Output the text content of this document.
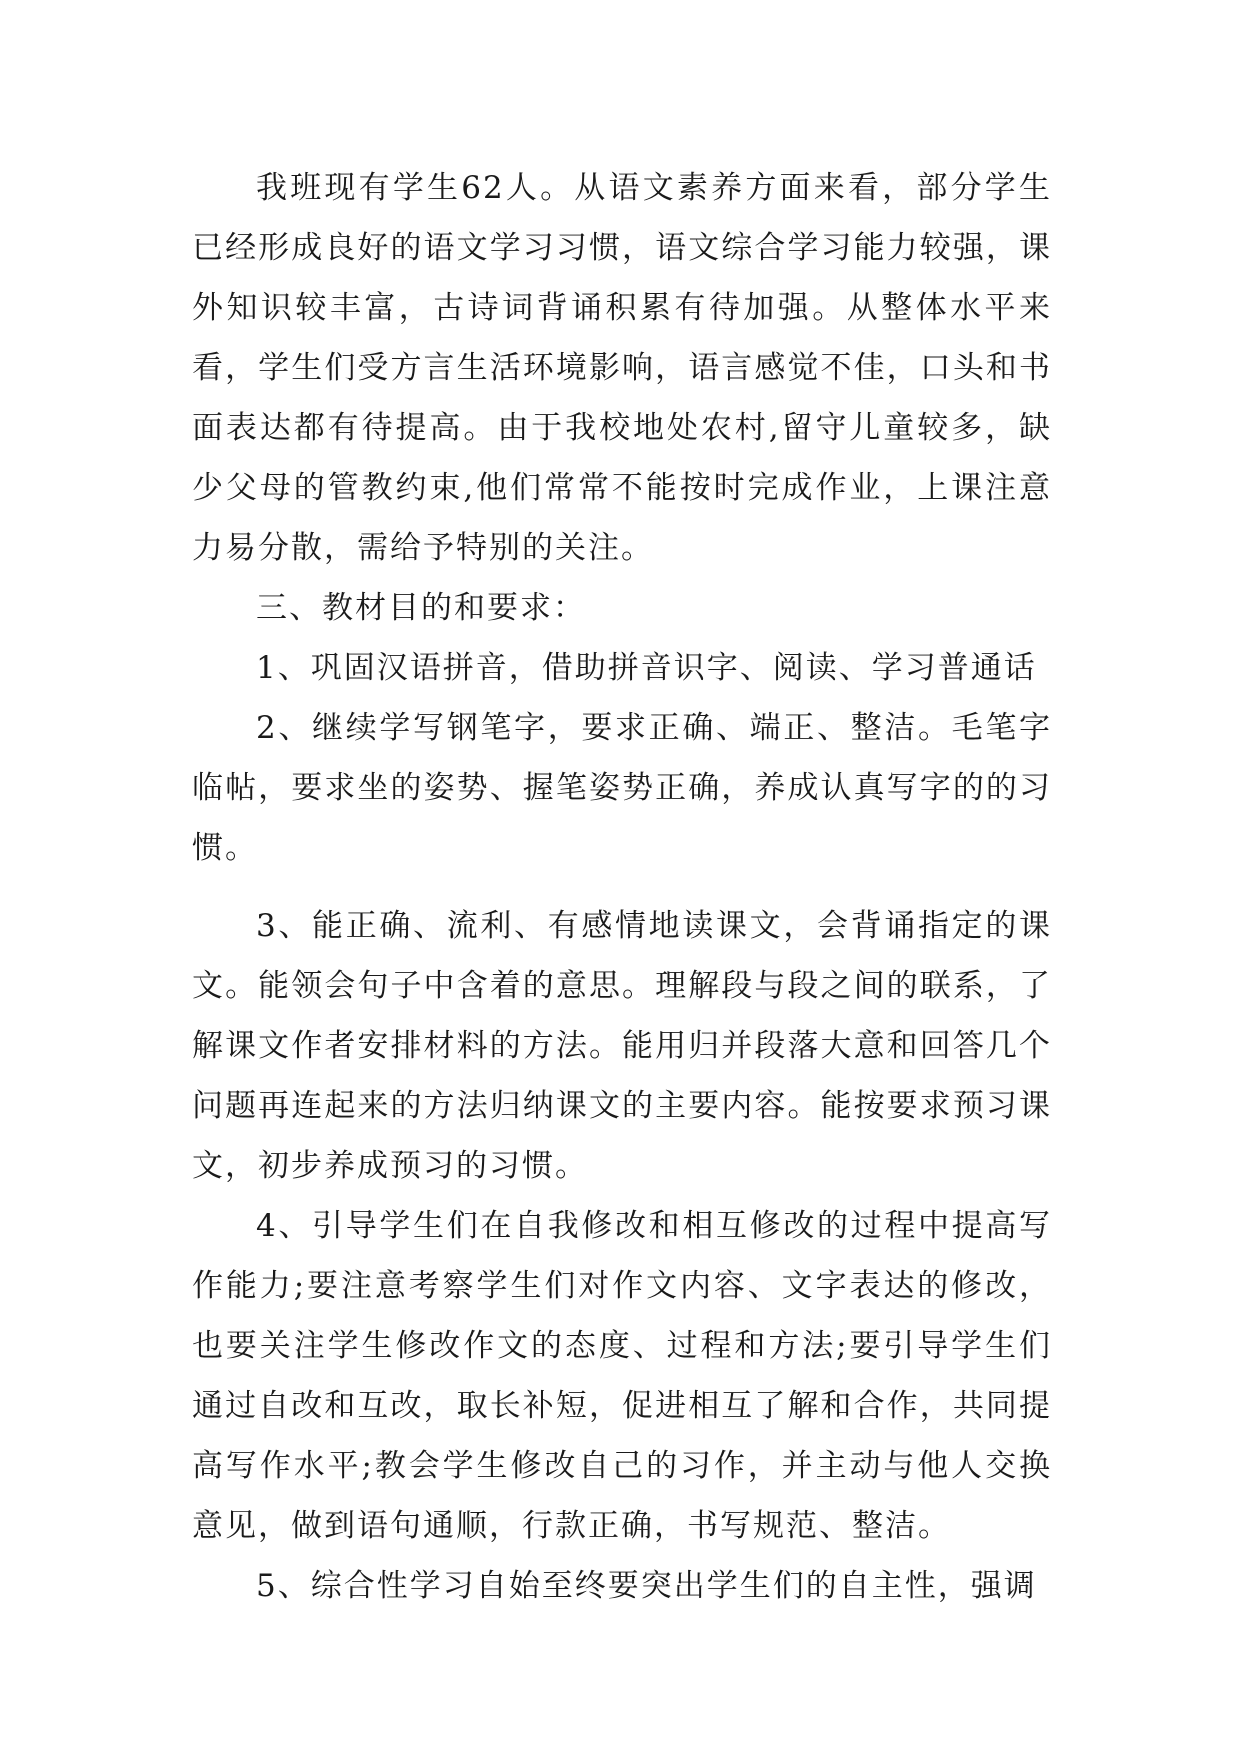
我班现有学生62人。从语文素养方面来看，部分学生已经形成良好的语文学习习惯，语文综合学习能力较强，课外知识较丰富，古诗词背诵积累有待加强。从整体水平来看，学生们受方言生活环境影响，语言感觉不佳，口头和书面表达都有待提高。由于我校地处农村,留守儿童较多，缺少父母的管教约束,他们常常不能按时完成作业，上课注意力易分散，需给予特别的关注。

三、教材目的和要求：

1、巩固汉语拼音，借助拼音识字、阅读、学习普通话

2、继续学写钢笔字，要求正确、端正、整洁。毛笔字临帖，要求坐的姿势、握笔姿势正确，养成认真写字的的习惯。

3、能正确、流利、有感情地读课文，会背诵指定的课文。能领会句子中含着的意思。理解段与段之间的联系，了解课文作者安排材料的方法。能用归并段落大意和回答几个问题再连起来的方法归纳课文的主要内容。能按要求预习课文，初步养成预习的习惯。

4、引导学生们在自我修改和相互修改的过程中提高写作能力;要注意考察学生们对作文内容、文字表达的修改，也要关注学生修改作文的态度、过程和方法;要引导学生们通过自改和互改，取长补短，促进相互了解和合作，共同提高写作水平;教会学生修改自己的习作，并主动与他人交换意见，做到语句通顺，行款正确，书写规范、整洁。

5、综合性学习自始至终要突出学生们的自主性，强调
